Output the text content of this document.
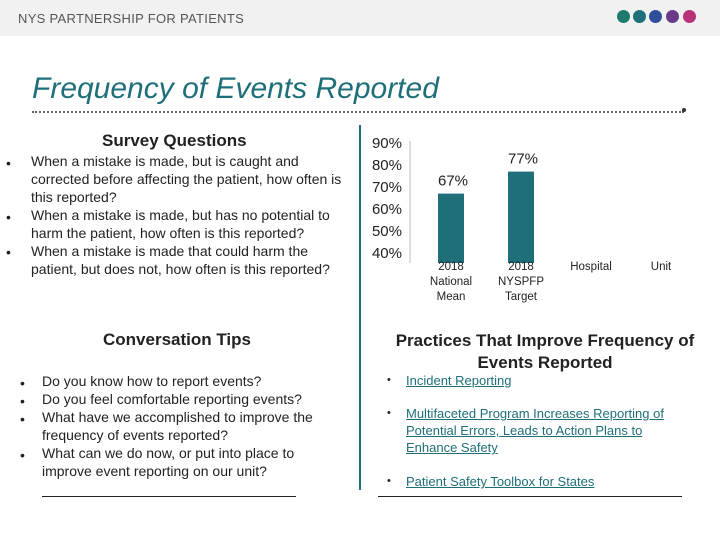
NYS PARTNERSHIP FOR PATIENTS
Frequency of Events Reported
Survey Questions
When a mistake is made, but is caught and corrected before affecting the patient, how often is this reported?
When a mistake is made, but has no potential to harm the patient, how often is this reported?
When a mistake is made that could harm the patient, but does not, how often is this reported?
•
•
•
Conversation Tips
Do you know how to report events?
Do you feel comfortable reporting events?
What have we accomplished to improve the frequency of events reported?
What can we do now, or put into place to improve event reporting on our unit?
•
•
•
•
90%
80%
70%
60%
50%
40%
67%
2018
National
Mean
77%
2018
NYSPFP
Target
Hospital	Unit
Practices That Improve Frequency of Events Reported
• Incident Reporting
• Multifaceted Program Increases Reporting of Potential Errors, Leads to Action Plans to Enhance Safety
• Patient Safety Toolbox for States
